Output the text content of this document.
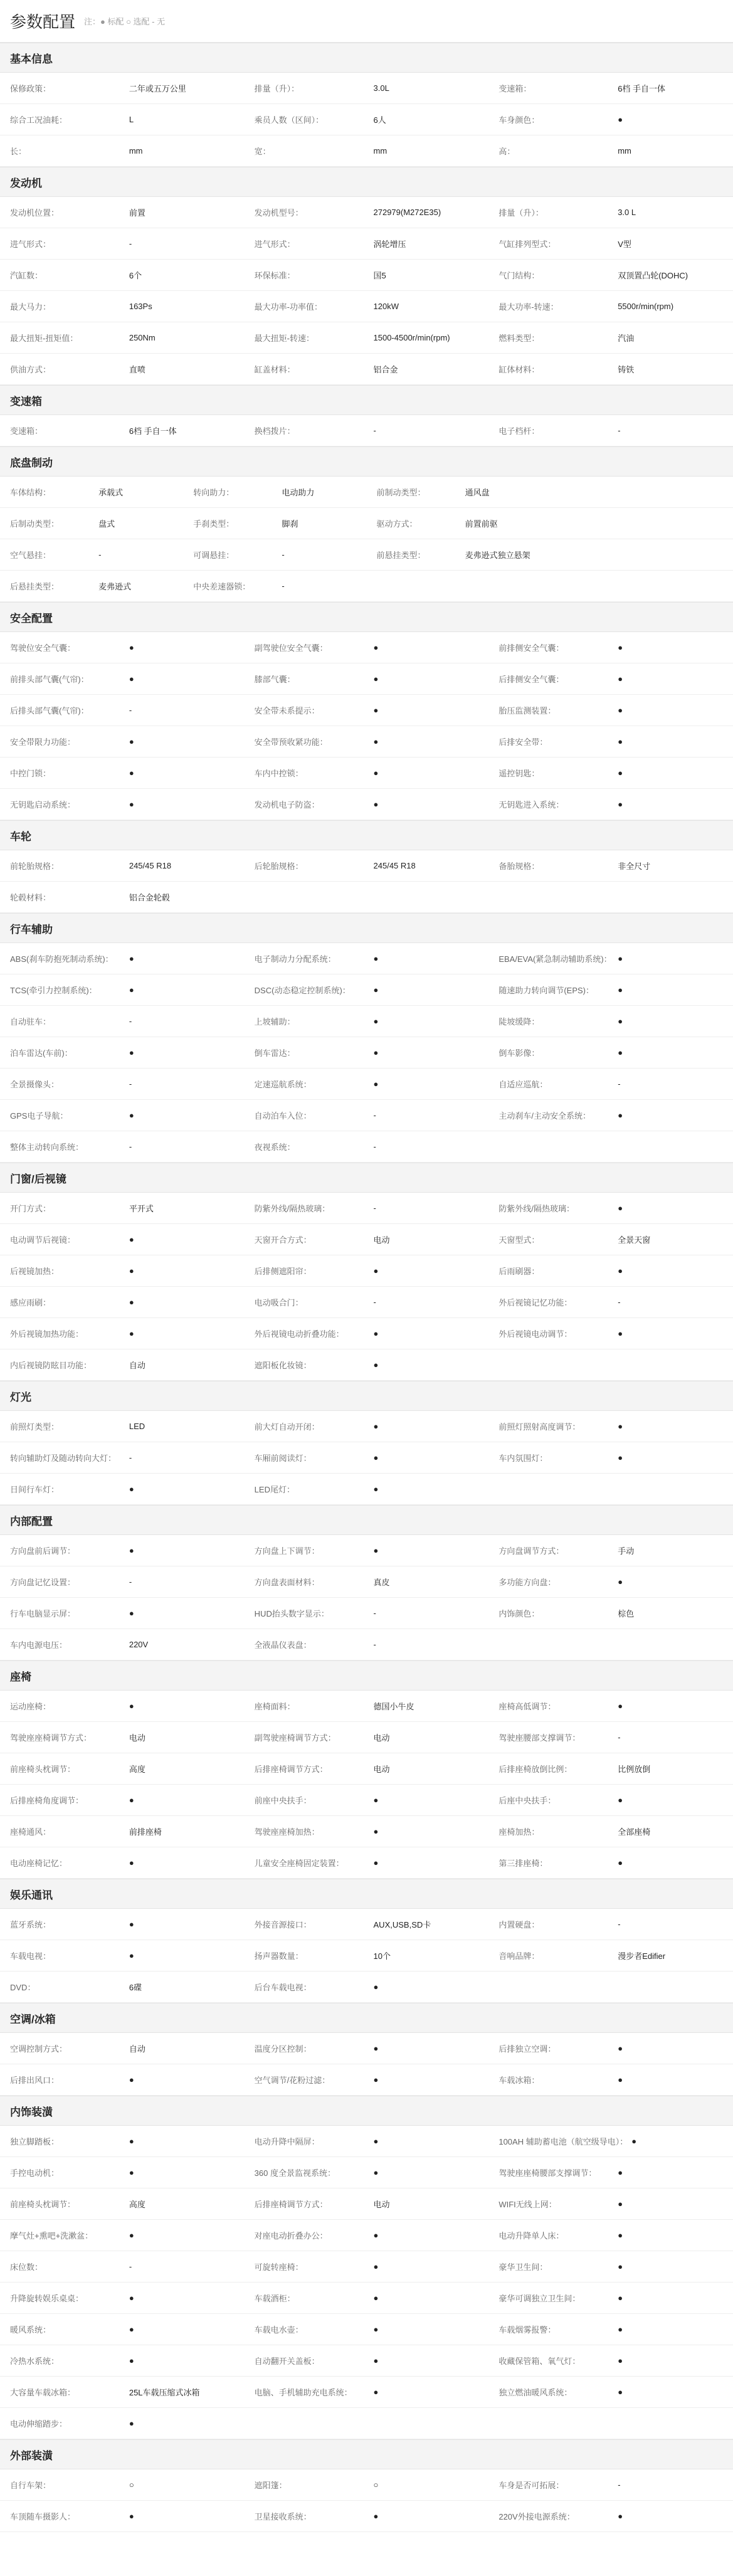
参数配置 注：● 标配 ○ 选配 - 无
基本信息
保修政策：	二年或五万公里	排量（升）：	3.0L	变速箱：	6档 手自一体
综合工况油耗：	L	乘员人数（区间）：	6人	车身颜色：	●
长：	mm	宽：	mm	高：	mm
发动机
发动机位置：	前置	发动机型号：	272979(M272E35)	排量（升）：	3.0 L
进气形式：	-	进气形式：	涡轮增压	气缸排列型式：	V型
汽缸数：	6个	环保标准：	国5	气门结构：	双顶置凸轮(DOHC)
最大马力：	163Ps	最大功率-功率值：	120kW	最大功率-转速：	5500r/min(rpm)
最大扭矩-扭矩值：	250Nm	最大扭矩-转速：	1500-4500r/min(rpm)	燃料类型：	汽油
供油方式：	直喷	缸盖材料：	铝合金	缸体材料：	铸铁
变速箱
变速箱：	6档 手自一体	换档拨片：	-	电子档杆：	-
底盘制动
车体结构：	承载式	转向助力：	电动助力	前制动类型：	通风盘
后制动类型：	盘式	手刹类型：	脚刹	驱动方式：	前置前驱
空气悬挂：	-	可调悬挂：	-	前悬挂类型：	麦弗逊式独立悬架
后悬挂类型：	麦弗逊式	中央差速器锁：	-
安全配置
驾驶位安全气囊：	●	副驾驶位安全气囊：	●	前排侧安全气囊：	●
前排头部气囊(气帘)：	●	膝部气囊：	●	后排侧安全气囊：	●
后排头部气囊(气帘)：	-	安全带未系提示：	●	胎压监测装置：	●
安全带限力功能：	●	安全带预收紧功能：	●	后排安全带：	●
中控门锁：	●	车内中控锁：	●	遥控钥匙：	●
无钥匙启动系统：	●	发动机电子防盗：	●	无钥匙进入系统：	●
车轮
前轮胎规格：	245/45 R18	后轮胎规格：	245/45 R18	备胎规格：	非全尺寸
轮毂材料：	铝合金轮毂
行车辅助
ABS(刹车防抱死制动系统)：	●	电子制动力分配系统：	●	EBA/EVA(紧急制动辅助系统)： ●
TCS(牵引力控制系统)：	●	DSC(动态稳定控制系统)：	●	随速助力转向调节(EPS)：	●
自动驻车：	-	上坡辅助：	●	陡坡缓降：	●
泊车雷达(车前)：	●	倒车雷达：	●	倒车影像：	●
全景摄像头：	-	定速巡航系统：	●	自适应巡航：	-
GPS电子导航：	●	自动泊车入位：	-	主动刹车/主动安全系统：	●
整体主动转向系统：	-	夜视系统：	-
门窗/后视镜
开门方式：	平开式	防紫外线/隔热玻璃：	-	防紫外线/隔热玻璃：	●
电动调节后视镜：	●	天窗开合方式：	电动	天窗型式：	全景天窗
后视镜加热：	●	后排侧遮阳帘：	●	后雨刷器：	●
感应雨刷：	●	电动吸合门：	-	外后视镜记忆功能：	-
外后视镜加热功能：	●	外后视镜电动折叠功能：	●	外后视镜电动调节：	●
内后视镜防眩目功能：	自动	遮阳板化妆镜：	●
灯光
前照灯类型：	LED	前大灯自动开闭：	●	前照灯照射高度调节：	●
转向辅助灯及随动转向大灯：	-	车厢前阅读灯：	●	车内氛围灯：	●
日间行车灯：	●	LED尾灯：	●
内部配置
方向盘前后调节：	●	方向盘上下调节：	●	方向盘调节方式：	手动
方向盘记忆设置：	-	方向盘表面材料：	真皮	多功能方向盘：	●
行车电脑显示屏：	●	HUD抬头数字显示：	-	内饰颜色：	棕色
车内电源电压：	220V	全液晶仪表盘：	-
座椅
运动座椅：	●	座椅面料：	德国小牛皮	座椅高低调节：	●
驾驶座座椅调节方式：	电动	副驾驶座椅调节方式：	电动	驾驶座腰部支撑调节：	-
前座椅头枕调节：	高度	后排座椅调节方式：	电动	后排座椅放倒比例：	比例放倒
后排座椅角度调节：	●	前座中央扶手：	●	后座中央扶手：	●
座椅通风：	前排座椅	驾驶座座椅加热：	●	座椅加热：	全部座椅
电动座椅记忆：	●	儿童安全座椅固定装置：	●	第三排座椅：	●
娱乐通讯
蓝牙系统：	●	外接音源接口：	AUX,USB,SD卡	内置硬盘：	-
车载电视：	●	扬声器数量：	10个	音响品牌：	漫步者Edifier
DVD：	6碟	后台车载电视：	●
空调/冰箱
空调控制方式：	自动	温度分区控制：	●	后排独立空调：	●
后排出风口：	●	空气调节/花粉过滤：	●	车载冰箱：	●
内饰装潢
独立脚踏板：	●	电动升降中隔屏：	●	100AH 辅助蓄电池（航空级导电）： ●
手控电动机：	●	360 度全景监视系统：	●	驾驶座座椅腰部支撑调节：	●
前座椅头枕调节：	高度	后排座椅调节方式：	电动	WIFI无线上网：	●
摩气灶+熏吧+洗漱盆：	●	对座电动折叠办公：	●	电动升降单人床：	●
床位数：	-	可旋转座椅：	●	豪华卫生间：	●
升降旋转娱乐桌桌：	●	车载酒柜：	●	豪华可调独立卫生间：	●
暖风系统：	●	车载电水壶：	●	车载烟雾报警：	●
冷热水系统：	●	自动翻开关盖板：	●	收藏保管箱、氧气灯：	●
大容量车载冰箱：	25L车载压缩式冰箱	电脑、手机辅助充电系统：	●	独立燃油暖风系统：	●
电动伸缩踏步：	●
外部装潢
自行车架：	○	遮阳篷：	○	车身是否可拓展：	-
车顶随车摄影人：	●	卫星接收系统：	●	220V外接电源系统：	●
